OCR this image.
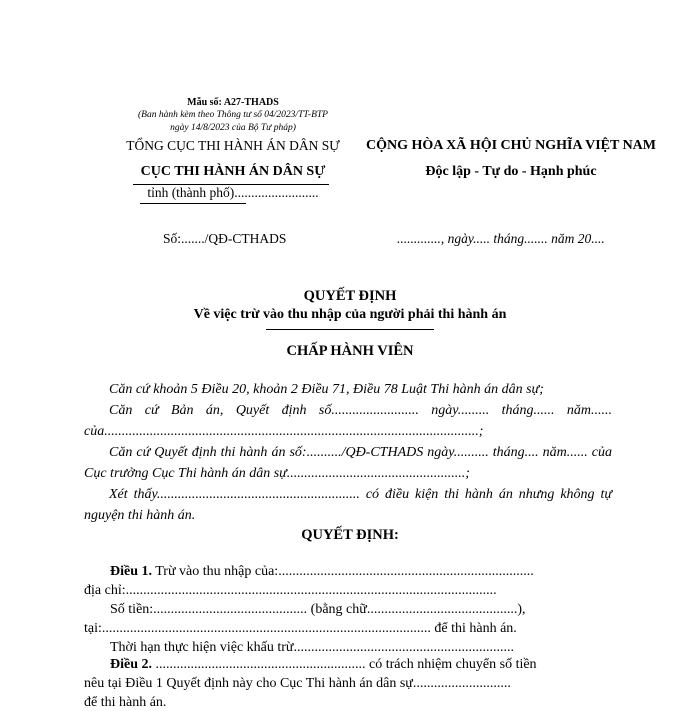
Mẫu số: A27-THADS
(Ban hành kèm theo Thông tư số 04/2023/TT-BTP
ngày 14/8/2023 của Bộ Tư pháp)
TỔNG CỤC THI HÀNH ÁN DÂN SỰ
CỤC THI HÀNH ÁN DÂN SỰ
tỉnh (thành phố).........................
CỘNG HÒA XÃ HỘI CHỦ NGHĨA VIỆT NAM
Độc lập - Tự do - Hạnh phúc
Số:......./QĐ-CTHADS	............., ngày..... tháng....... năm 20....
QUYẾT ĐỊNH
Về việc trừ vào thu nhập của người phải thi hành án
CHẤP HÀNH VIÊN

Căn cứ khoản 5 Điều 20, khoản 2 Điều 71, Điều 78 Luật Thi hành án dân sự;

Căn cứ Bản án, Quyết định số......................... ngày......... tháng...... năm...... của...........................................................................................................;

Căn cứ Quyết định thi hành án số:........../QĐ-CTHADS ngày.......... tháng.... năm...... của Cục trưởng Cục Thi hành án dân sự...................................................;

Xét thấy.......................................................... có điều kiện thi hành án nhưng không tự nguyện thi hành án.

QUYẾT ĐỊNH:
Điều 1. Trừ vào thu nhập của:.........................................................................
địa chỉ:..........................................................................................................
Số tiền:............................................ (bằng chữ...........................................),
tại:.............................................................................................. để thi hành án.
Thời hạn thực hiện việc khấu trừ...............................................................
Điều 2. ............................................................ có trách nhiệm chuyển số tiền
nêu tại Điều 1 Quyết định này cho Cục Thi hành án dân sự............................
để thi hành án.
